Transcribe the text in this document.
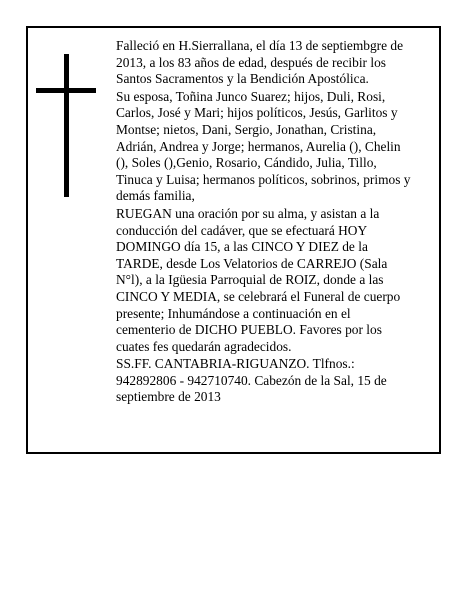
Falleció en H.Sierrallana, el día 13 de septiembgre de 2013, a los 83 años de edad, después de recibir los Santos Sacramentos y la Bendición Apostólica.

Su esposa, Toñina Junco Suarez; hijos, Duli, Rosi, Carlos, José y Mari; hijos políticos, Jesús, Garlitos y Montse; nietos, Dani, Sergio, Jonathan, Cristina, Adrián, Andrea y Jorge; hermanos, Aurelia (), Chelin (), Soles (),Genio, Rosario, Cándido, Julia, Tillo, Tinuca y Luisa; hermanos políticos, sobrinos, primos y demás familia,

RUEGAN una oración por su alma, y asistan a la conducción del cadáver, que se efectuará HOY DOMINGO día 15, a las CINCO Y DIEZ de la TARDE, desde Los Velatorios de CARREJO (Sala N°l), a la Igüesia Parroquial de ROIZ, donde a las CINCO Y MEDIA, se celebrará el Funeral de cuerpo presente; Inhumándose a continuación en el cementerio de DICHO PUEBLO. Favores por los cuates fes quedarán agradecidos.

SS.FF. CANTABRIA-RIGUANZO. Tlfnos.: 942892806 - 942710740. Cabezón de la Sal, 15 de septiembre de 2013
